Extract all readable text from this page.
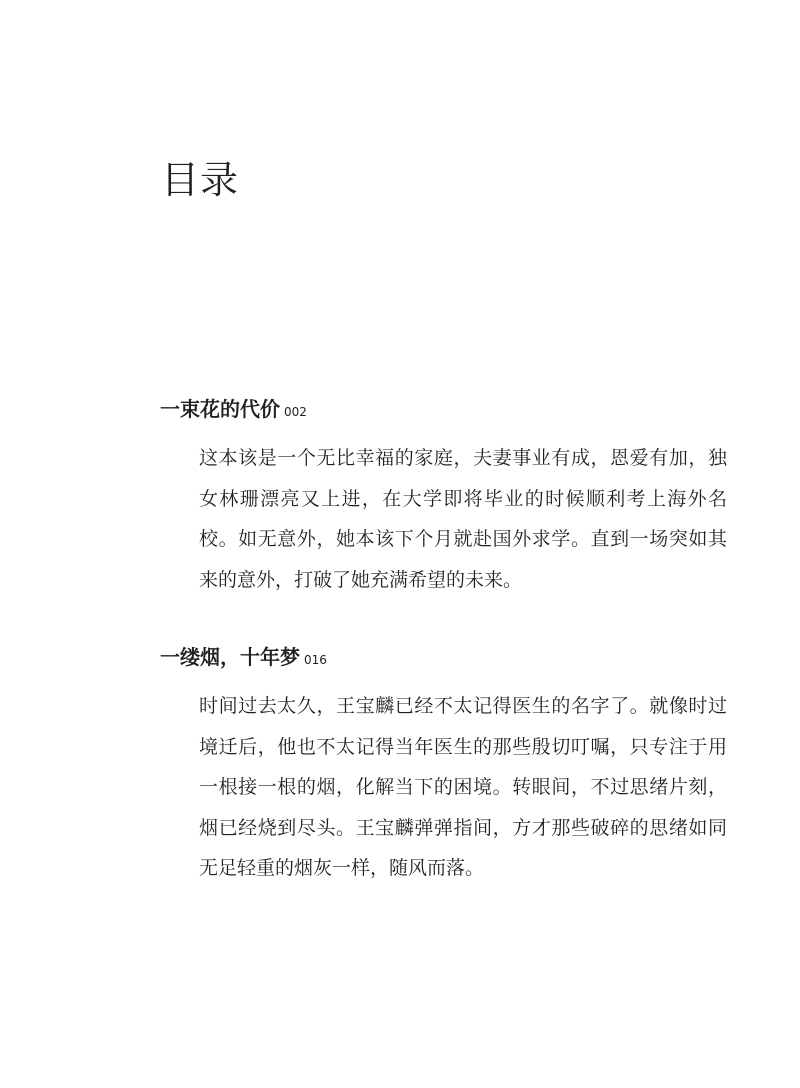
目录
一束花的代价 002

这本该是一个无比幸福的家庭，夫妻事业有成，恩爱有加，独女林珊漂亮又上进，在大学即将毕业的时候顺利考上海外名校。如无意外，她本该下个月就赴国外求学。直到一场突如其来的意外，打破了她充满希望的未来。

一缕烟，十年梦 016

时间过去太久，王宝麟已经不太记得医生的名字了。就像时过境迁后，他也不太记得当年医生的那些殷切叮嘱，只专注于用一根接一根的烟，化解当下的困境。转眼间，不过思绪片刻，烟已经烧到尽头。王宝麟弹弹指间，方才那些破碎的思绪如同无足轻重的烟灰一样，随风而落。
